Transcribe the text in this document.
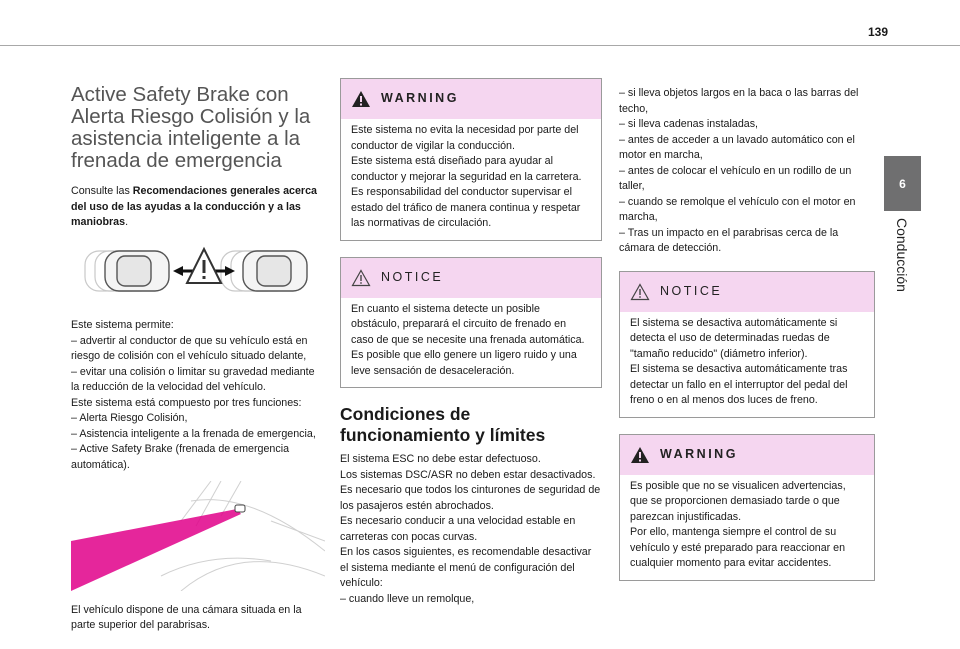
139
6
Conducción
Active Safety Brake con
Alerta Riesgo Colisión y la
asistencia inteligente a la
frenada de emergencia

Consulte las Recomendaciones generales acerca del uso de las ayudas a la conducción y a las maniobras.

Este sistema permite:

– advertir al conductor de que su vehículo está en riesgo de colisión con el vehículo situado delante,

– evitar una colisión o limitar su gravedad mediante la reducción de la velocidad del vehículo.

Este sistema está compuesto por tres funciones:

– Alerta Riesgo Colisión,

– Asistencia inteligente a la frenada de emergencia,

– Active Safety Brake (frenada de emergencia automática).

El vehículo dispone de una cámara situada en la parte superior del parabrisas.

WARNING

Este sistema no evita la necesidad por parte del conductor de vigilar la conducción.

Este sistema está diseñado para ayudar al conductor y mejorar la seguridad en la carretera.

Es responsabilidad del conductor supervisar el estado del tráfico de manera continua y respetar las normativas de circulación.

NOTICE

En cuanto el sistema detecte un posible obstáculo, preparará el circuito de frenado en caso de que se necesite una frenada automática. Es posible que ello genere un ligero ruido y una leve sensación de desaceleración.

Condiciones de
funcionamiento y límites

El sistema ESC no debe estar defectuoso.

Los sistemas DSC/ASR no deben estar desactivados.

Es necesario que todos los cinturones de seguridad de los pasajeros estén abrochados.

Es necesario conducir a una velocidad estable en carreteras con pocas curvas.

En los casos siguientes, es recomendable desactivar el sistema mediante el menú de configuración del vehículo:

– cuando lleve un remolque,

– si lleva objetos largos en la baca o las barras del techo,

– si lleva cadenas instaladas,

– antes de acceder a un lavado automático con el motor en marcha,

– antes de colocar el vehículo en un rodillo de un taller,

– cuando se remolque el vehículo con el motor en marcha,

– Tras un impacto en el parabrisas cerca de la cámara de detección.

NOTICE

El sistema se desactiva automáticamente si detecta el uso de determinadas ruedas de "tamaño reducido" (diámetro inferior).

El sistema se desactiva automáticamente tras detectar un fallo en el interruptor del pedal del freno o en al menos dos luces de freno.

WARNING

Es posible que no se visualicen advertencias, que se proporcionen demasiado tarde o que parezcan injustificadas.

Por ello, mantenga siempre el control de su vehículo y esté preparado para reaccionar en cualquier momento para evitar accidentes.
